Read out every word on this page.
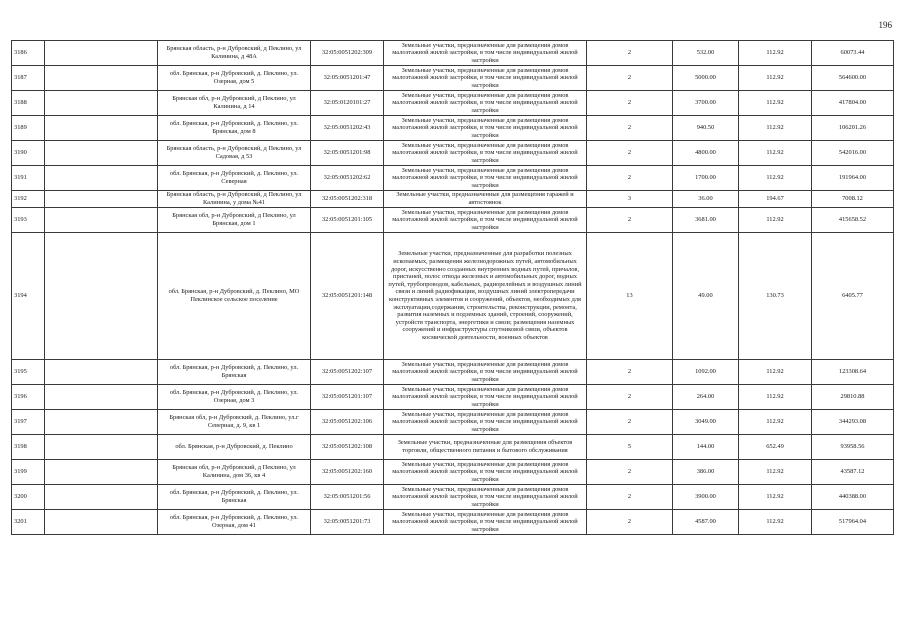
196
3186		Брянская область, р-н Дубровский, д Пеклино, ул Калинина, д 48А	32:05:0051202:309	Земельные участки, предназначенные для размещения домов малоэтажной жилой застройки, в том числе индивидуальной жилой застройки	2	532.00	112.92	60073.44
3187		обл. Брянская, р-н Дубровский, д. Пеклино, ул. Озерная, дом 5	32:05:0051201:47	Земельные участки, предназначенные для размещения домов малоэтажной жилой застройки, в том числе индивидуальной жилой застройки	2	5000.00	112.92	564600.00
3188		Брянская обл, р-н Дубровский, д Пеклино, ул Калинина, д 14	32:05:0120101:27	Земельные участки, предназначенные для размещения домов малоэтажной жилой застройки, в том числе индивидуальной жилой застройки	2	3700.00	112.92	417804.00
3189		обл. Брянская, р-н Дубровский, д. Пеклино, ул. Брянская, дом 8	32:05:0051202:43	Земельные участки, предназначенные для размещения домов малоэтажной жилой застройки, в том числе индивидуальной жилой застройки	2	940.50	112.92	106201.26
3190		Брянская область, р-н Дубровский, д Пеклино, ул Садовая, д 53	32:05:0051201:98	Земельные участки, предназначенные для размещения домов малоэтажной жилой застройки, в том числе индивидуальной жилой застройки	2	4800.00	112.92	542016.00
3191		обл. Брянская, р-н Дубровский, д. Пеклино, ул. Северная	32:05:0051202:62	Земельные участки, предназначенные для размещения домов малоэтажной жилой застройки, в том числе индивидуальной жилой застройки	2	1700.00	112.92	191964.00
3192		Брянская область, р-н Дубровский, д Пеклино, ул Калинина, у дома №41	32:05:0051202:318	Земельные участки, предназначенные для размещения гаражей и автостоянок	3	36.00	194.67	7008.12
3193		Брянская обл, р-н Дубровский, д Пеклино, ул Брянская, дом 1	32:05:0051201:105	Земельные участки, предназначенные для размещения домов малоэтажной жилой застройки, в том числе индивидуальной жилой застройки	2	3681.00	112.92	415658.52
3194		обл. Брянская, р-н Дубровский, д. Пеклино, МО Пеклинское сельское поселение	32:05:0051201:148	Земельные участки, предназначенные для разработки полезных ископаемых, размещения железнодорожных путей, автомобильных дорог, искусственно созданных внутренних водных путей, причалов, пристаней, полос отвода железных и автомобильных дорог, водных путей, трубопроводов, кабельных, радиорелейных и воздушных линий связи и линий радиофикации, воздушных линий электропередачи конструктивных элементов и сооружений, объектов, необходимых для эксплуатации,содержания, строительства, реконструкции, ремонта, развития наземных и подземных зданий, строений, сооружений, устройств транспорта, энергетики и связи; размещения наземных сооружений и инфраструктуры спутниковой связи, объектов космической деятельности, военных объектов	13	49.00	130.73	6405.77
3195		обл. Брянская, р-н Дубровский, д. Пеклино, ул. Брянская	32:05:0051202:107	Земельные участки, предназначенные для размещения домов малоэтажной жилой застройки, в том числе индивидуальной жилой застройки	2	1092.00	112.92	123308.64
3196		обл. Брянская, р-н Дубровский, д. Пеклино, ул. Озерная, дом 3	32:05:0051201:107	Земельные участки, предназначенные для размещения домов малоэтажной жилой застройки, в том числе индивидуальной жилой застройки	2	264.00	112.92	29810.88
3197		Брянская обл, р-н Дубровский, д. Пеклино, ул.г Северная, д. 9, кв 1	32:05:0051202:106	Земельные участки, предназначенные для размещения домов малоэтажной жилой застройки, в том числе индивидуальной жилой застройки	2	3049.00	112.92	344293.08
3198		обл. Брянская, р-н Дубровский, д. Пеклино	32:05:0051202:108	Земельные участки, предназначенные для размещения объектов торговли, общественного питания и бытового обслуживания	5	144.00	652.49	93958.56
3199		Брянская обл, р-н Дубровский, д Пеклино, ул Калинина, дом 36, кв 4	32:05:0051202:160	Земельные участки, предназначенные для размещения домов малоэтажной жилой застройки, в том числе индивидуальной жилой застройки	2	386.00	112.92	43587.12
3200		обл. Брянская, р-н Дубровский, д. Пеклино, ул. Брянская	32:05:0051201:56	Земельные участки, предназначенные для размещения домов малоэтажной жилой застройки, в том числе индивидуальной жилой застройки	2	3900.00	112.92	440388.00
3201		обл. Брянская, р-н Дубровский, д. Пеклино, ул. Озерная, дом 41	32:05:0051201:73	Земельные участки, предназначенные для размещения домов малоэтажной жилой застройки, в том числе индивидуальной жилой застройки	2	4587.00	112.92	517964.04
